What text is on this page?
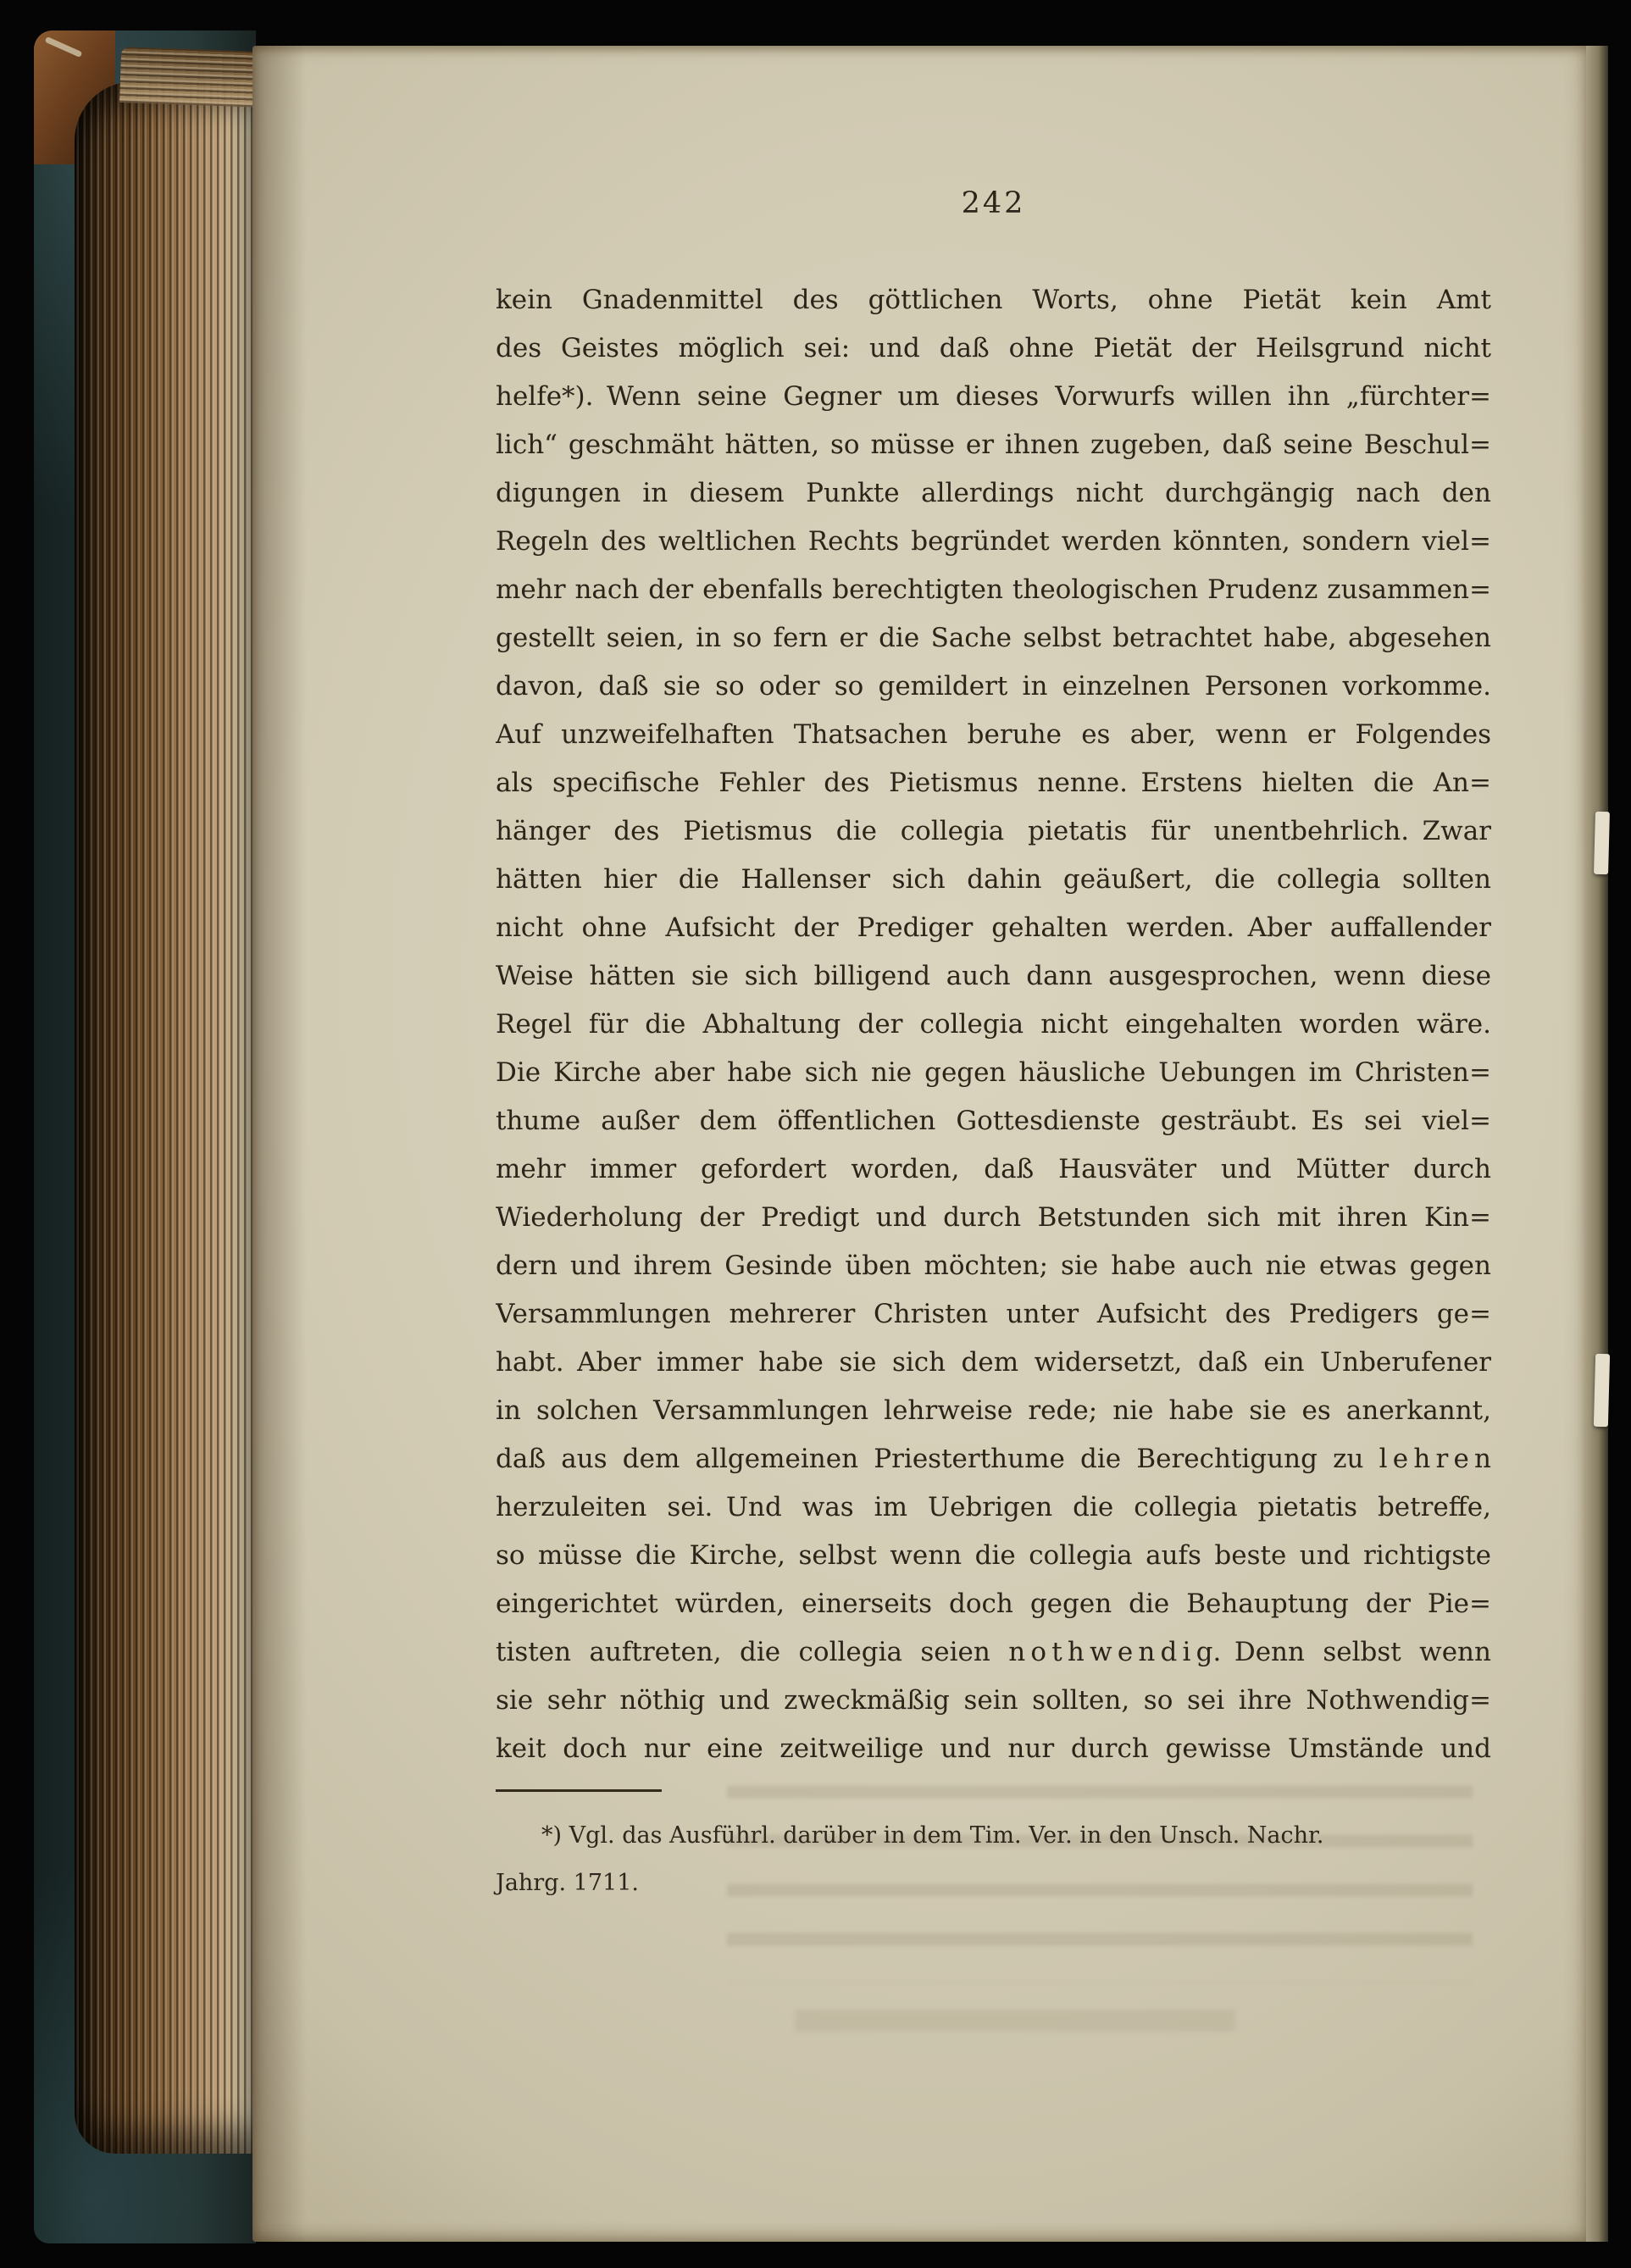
242
kein Gnadenmittel des göttlichen Worts, ohne Pietät kein Amt
des Geistes möglich sei: und daß ohne Pietät der Heilsgrund nicht
helfe*). Wenn seine Gegner um dieses Vorwurfs willen ihn „fürchter=
lich“ geschmäht hätten, so müsse er ihnen zugeben, daß seine Beschul=
digungen in diesem Punkte allerdings nicht durchgängig nach den
Regeln des weltlichen Rechts begründet werden könnten, sondern viel=
mehr nach der ebenfalls berechtigten theologischen Prudenz zusammen=
gestellt seien, in so fern er die Sache selbst betrachtet habe, abgesehen
davon, daß sie so oder so gemildert in einzelnen Personen vorkomme.
Auf unzweifelhaften Thatsachen beruhe es aber, wenn er Folgendes
als specifische Fehler des Pietismus nenne. Erstens hielten die An=
hänger des Pietismus die collegia pietatis für unentbehrlich. Zwar
hätten hier die Hallenser sich dahin geäußert, die collegia sollten
nicht ohne Aufsicht der Prediger gehalten werden. Aber auffallender
Weise hätten sie sich billigend auch dann ausgesprochen, wenn diese
Regel für die Abhaltung der collegia nicht eingehalten worden wäre.
Die Kirche aber habe sich nie gegen häusliche Uebungen im Christen=
thume außer dem öffentlichen Gottesdienste gesträubt. Es sei viel=
mehr immer gefordert worden, daß Hausväter und Mütter durch
Wiederholung der Predigt und durch Betstunden sich mit ihren Kin=
dern und ihrem Gesinde üben möchten; sie habe auch nie etwas gegen
Versammlungen mehrerer Christen unter Aufsicht des Predigers ge=
habt. Aber immer habe sie sich dem widersetzt, daß ein Unberufener
in solchen Versammlungen lehrweise rede; nie habe sie es anerkannt,
daß aus dem allgemeinen Priesterthume die Berechtigung zu l e h r e n
herzuleiten sei. Und was im Uebrigen die collegia pietatis betreffe,
so müsse die Kirche, selbst wenn die collegia aufs beste und richtigste
eingerichtet würden, einerseits doch gegen die Behauptung der Pie=
tisten auftreten, die collegia seien n o t h w e n d i g. Denn selbst wenn
sie sehr nöthig und zweckmäßig sein sollten, so sei ihre Nothwendig=
keit doch nur eine zeitweilige und nur durch gewisse Umstände und
*) Vgl. das Ausführl. darüber in dem Tim. Ver. in den Unsch. Nachr.
Jahrg. 1711.
